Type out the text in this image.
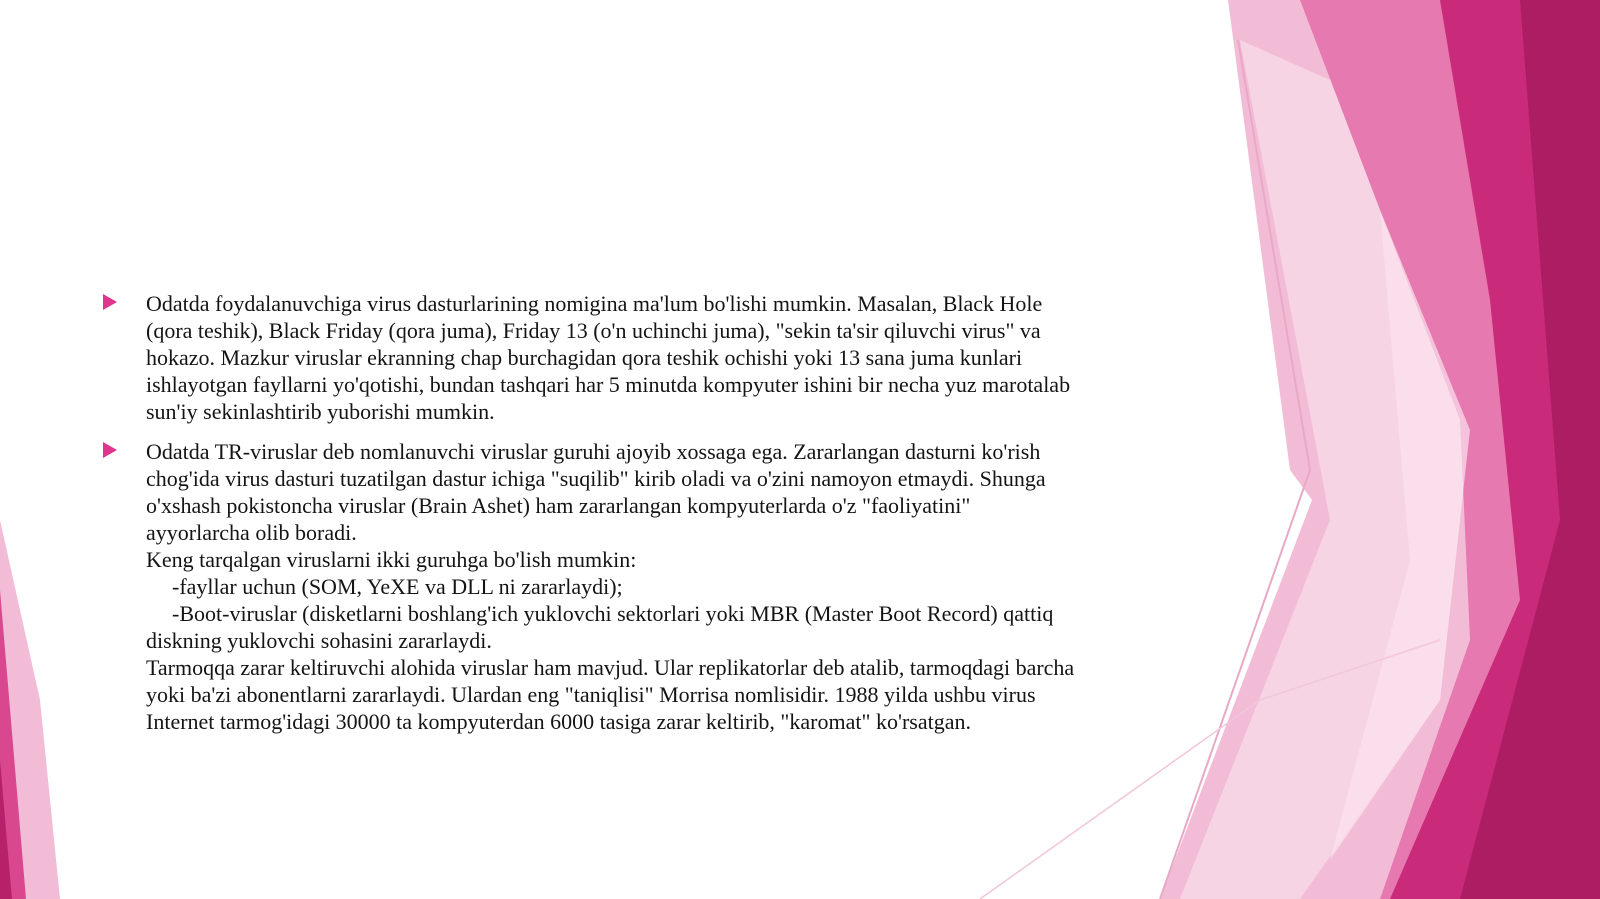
Odatda foydalanuvchiga virus dasturlarining nomigina ma'lum bo'lishi mumkin. Masalan, Black Hole
(qora teshik), Black Friday (qora juma), Friday 13 (o'n uchinchi juma), "sekin ta'sir qiluvchi virus" va
hokazo. Mazkur viruslar ekranning chap burchagidan qora teshik ochishi yoki 13 sana juma kunlari
ishlayotgan fayllarni yo'qotishi, bundan tashqari har 5 minutda kompyuter ishini bir necha yuz marotalab
sun'iy sekinlashtirib yuborishi mumkin.
Odatda TR-viruslar deb nomlanuvchi viruslar guruhi ajoyib xossaga ega. Zararlangan dasturni ko'rish
chog'ida virus dasturi tuzatilgan dastur ichiga "suqilib" kirib oladi va o'zini namoyon etmaydi. Shunga
o'xshash pokistoncha viruslar (Brain Ashet) ham zararlangan kompyuterlarda o'z "faoliyatini"
ayyorlarcha olib boradi.
Keng tarqalgan viruslarni ikki guruhga bo'lish mumkin:
-fayllar uchun (SOM, YeXE va DLL ni zararlaydi);
-Boot-viruslar (disketlarni boshlang'ich yuklovchi sektorlari yoki MBR (Master Boot Record) qattiq
diskning yuklovchi sohasini zararlaydi.
Tarmoqqa zarar keltiruvchi alohida viruslar ham mavjud. Ular replikatorlar deb atalib, tarmoqdagi barcha
yoki ba'zi abonentlarni zararlaydi. Ulardan eng "taniqlisi" Morrisa nomlisidir. 1988 yilda ushbu virus
Internet tarmog'idagi 30000 ta kompyuterdan 6000 tasiga zarar keltirib, "karomat" ko'rsatgan.
